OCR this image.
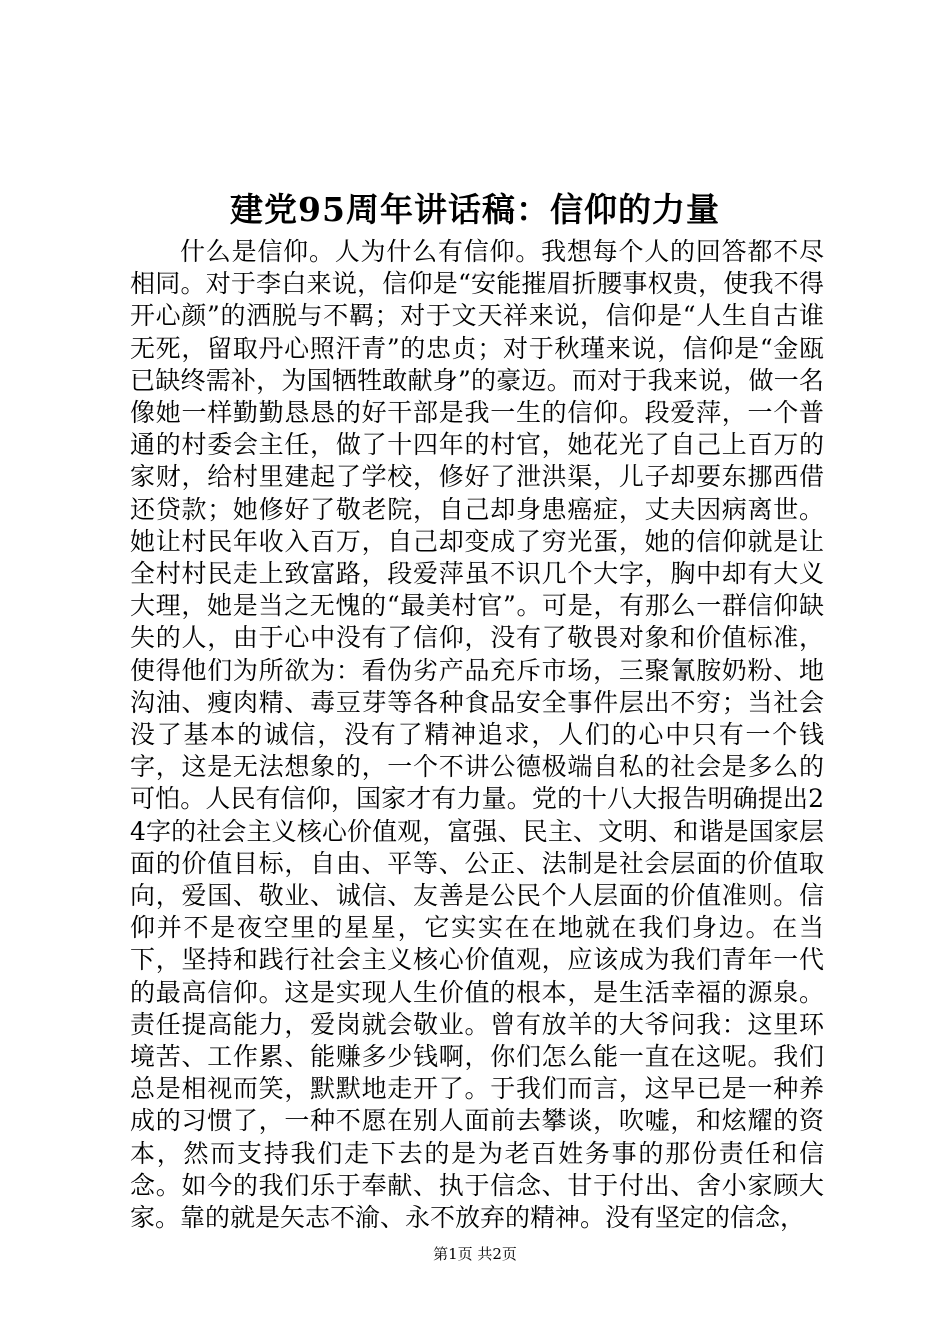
建党95周年讲话稿：信仰的力量

什么是信仰。人为什么有信仰。我想每个人的回答都不尽相同。对于李白来说，信仰是“安能摧眉折腰事权贵，使我不得开心颜”的洒脱与不羁；对于文天祥来说，信仰是“人生自古谁无死，留取丹心照汗青”的忠贞；对于秋瑾来说，信仰是“金瓯已缺终需补，为国牺牲敢献身”的豪迈。而对于我来说，做一名像她一样勤勤恳恳的好干部是我一生的信仰。段爱萍，一个普通的村委会主任，做了十四年的村官，她花光了自己上百万的家财，给村里建起了学校，修好了泄洪渠，儿子却要东挪西借还贷款；她修好了敬老院，自己却身患癌症，丈夫因病离世。她让村民年收入百万，自己却变成了穷光蛋，她的信仰就是让全村村民走上致富路，段爱萍虽不识几个大字，胸中却有大义大理，她是当之无愧的“最美村官”。可是，有那么一群信仰缺失的人，由于心中没有了信仰，没有了敬畏对象和价值标准，使得他们为所欲为：看伪劣产品充斥市场，三聚氰胺奶粉、地沟油、瘦肉精、毒豆芽等各种食品安全事件层出不穷；当社会没了基本的诚信，没有了精神追求，人们的心中只有一个钱字，这是无法想象的，一个不讲公德极端自私的社会是多么的可怕。人民有信仰，国家才有力量。党的十八大报告明确提出24字的社会主义核心价值观，富强、民主、文明、和谐是国家层面的价值目标，自由、平等、公正、法制是社会层面的价值取向，爱国、敬业、诚信、友善是公民个人层面的价值准则。信仰并不是夜空里的星星，它实实在在地就在我们身边。在当下，坚持和践行社会主义核心价值观，应该成为我们青年一代的最高信仰。这是实现人生价值的根本，是生活幸福的源泉。责任提高能力，爱岗就会敬业。曾有放羊的大爷问我：这里环境苦、工作累、能赚多少钱啊，你们怎么能一直在这呢。我们总是相视而笑，默默地走开了。于我们而言，这早已是一种养成的习惯了，一种不愿在别人面前去攀谈，吹嘘，和炫耀的资本，然而支持我们走下去的是为老百姓务事的那份责任和信念。如今的我们乐于奉献、执于信念、甘于付出、舍小家顾大家。靠的就是矢志不渝、永不放弃的精神。没有坚定的信念，

第1页 共2页
